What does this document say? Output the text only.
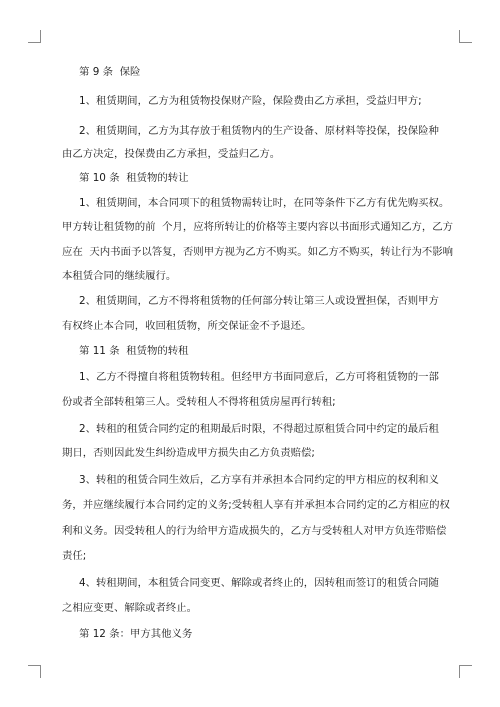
第 9 条  保险
1、租赁期间，乙方为租赁物投保财产险，保险费由乙方承担，受益归甲方;
2、租赁期间，乙方为其存放于租赁物内的生产设备、原材料等投保，投保险种
由乙方决定，投保费由乙方承担，受益归乙方。
第 10 条  租赁物的转让
1、租赁期间，本合同项下的租赁物需转让时，在同等条件下乙方有优先购买权。
甲方转让租赁物的前  个月，应将所转让的价格等主要内容以书面形式通知乙方，乙方
应在  天内书面予以答复，否则甲方视为乙方不购买。如乙方不购买，转让行为不影响
本租赁合同的继续履行。
2、租赁期间，乙方不得将租赁物的任何部分转让第三人或设置担保，否则甲方
有权终止本合同，收回租赁物，所交保证金不予退还。
第 11 条  租赁物的转租
1、乙方不得擅自将租赁物转租。但经甲方书面同意后，乙方可将租赁物的一部
份或者全部转租第三人。受转租人不得将租赁房屋再行转租;
2、转租的租赁合同约定的租期最后时限，不得超过原租赁合同中约定的最后租
期日，否则因此发生纠纷造成甲方损失由乙方负责赔偿;
3、转租的租赁合同生效后，乙方享有并承担本合同约定的甲方相应的权利和义
务，并应继续履行本合同约定的义务;受转租人享有并承担本合同约定的乙方相应的权
利和义务。因受转租人的行为给甲方造成损失的，乙方与受转租人对甲方负连带赔偿
责任;
4、转租期间，本租赁合同变更、解除或者终止的，因转租而签订的租赁合同随
之相应变更、解除或者终止。
第 12 条：甲方其他义务
